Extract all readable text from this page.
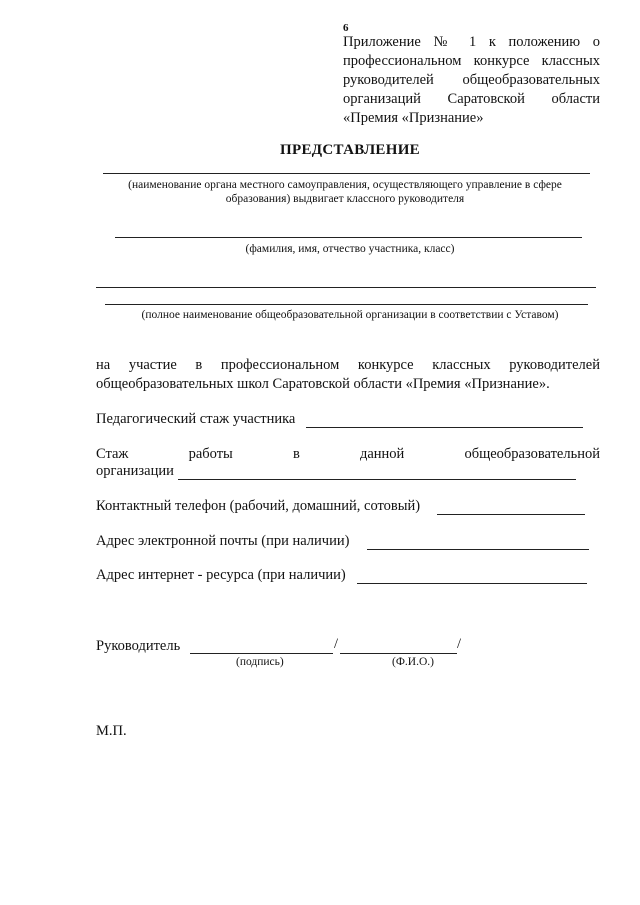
6
Приложение № 1 к положению о
профессиональном конкурсе классных
руководителей общеобразовательных
организаций Саратовской области
«Премия «Признание»
ПРЕДСТАВЛЕНИЕ
(наименование органа местного самоуправления, осуществляющего управление в сфере
образования) выдвигает классного руководителя
(фамилия, имя, отчество участника, класс)
(полное наименование общеобразовательной организации в соответствии с Уставом)
на участие в профессиональном конкурсе классных руководителей
общеобразовательных школ Саратовской области «Премия «Признание».
Педагогический стаж участника
Стаж работы в данной общеобразовательной
организации
Контактный телефон (рабочий, домашний, сотовый)
Адрес электронной почты (при наличии)
Адрес интернет - ресурса (при наличии)
Руководитель	/	/
(подпись)	(Ф.И.О.)
М.П.
